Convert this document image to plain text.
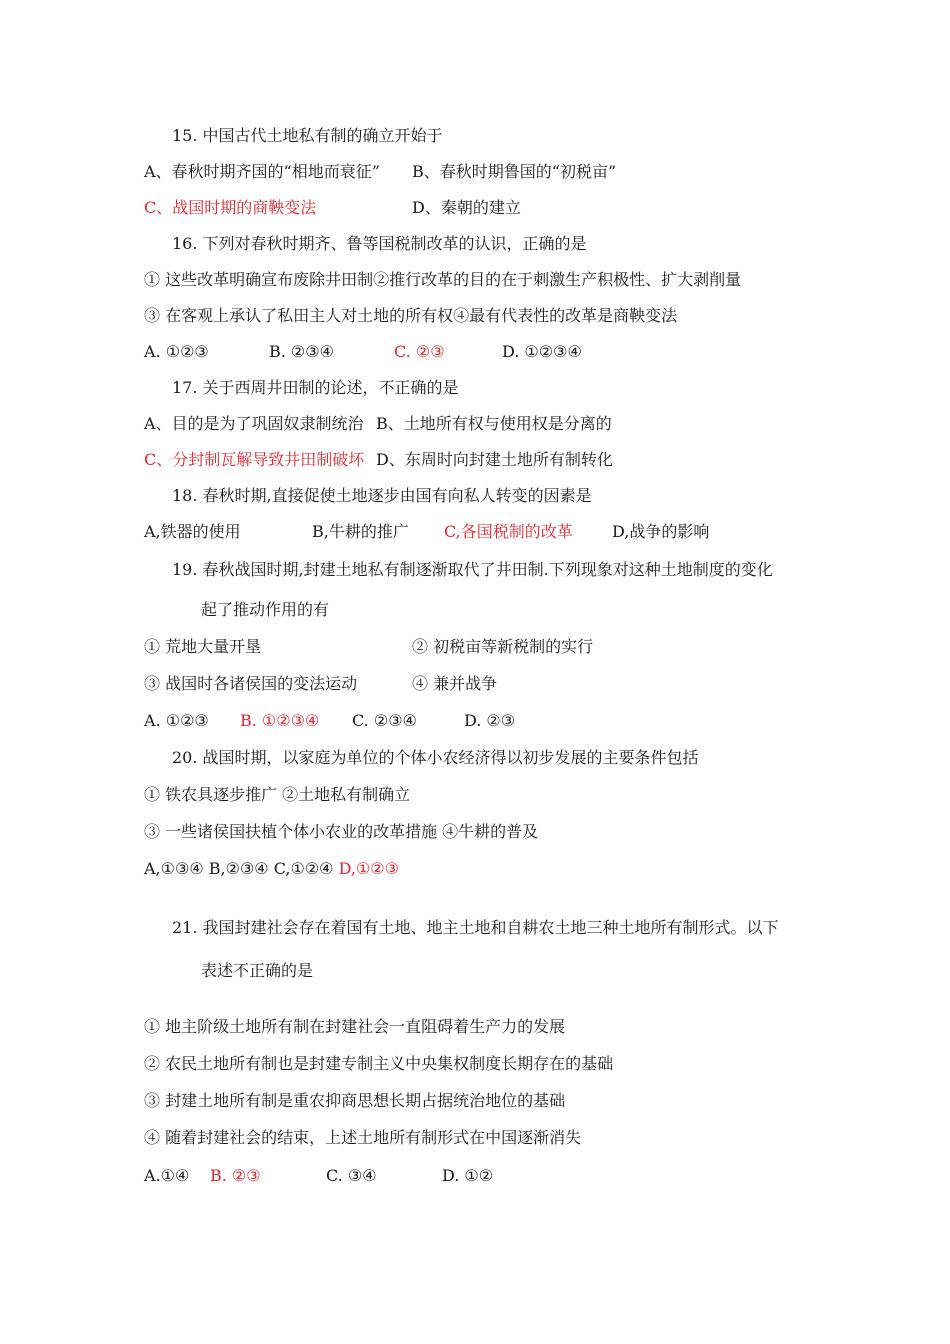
15. 中国古代土地私有制的确立开始于
A、春秋时期齐国的“相地而衰征” B、春秋时期鲁国的“初税亩”
C、战国时期的商鞅变法	D、秦朝的建立
16. 下列对春秋时期齐、鲁等国税制改革的认识，正确的是
① 这些改革明确宣布废除井田制②推行改革的目的在于刺激生产积极性、扩大剥削量
③ 在客观上承认了私田主人对土地的所有权④最有代表性的改革是商鞅变法
A. ①②③	B. ②③④	C. ②③	D. ①②③④
17. 关于西周井田制的论述，不正确的是
A、目的是为了巩固奴隶制统治 B、土地所有权与使用权是分离的
C、分封制瓦解导致井田制破坏 D、东周时向封建土地所有制转化
18. 春秋时期,直接促使土地逐步由国有向私人转变的因素是
A,铁器的使用	B,牛耕的推广 C,各国税制的改革 D,战争的影响
19. 春秋战国时期,封建土地私有制逐渐取代了井田制.下列现象对这种土地制度的变化
起了推动作用的有
① 荒地大量开垦	② 初税亩等新税制的实行
③ 战国时各诸侯国的变法运动	④ 兼并战争
A. ①②③ B. ①②③④ C. ②③④	D. ②③
20. 战国时期，以家庭为单位的个体小农经济得以初步发展的主要条件包括
① 铁农具逐步推广 ②土地私有制确立
③ 一些诸侯国扶植个体小农业的改革措施 ④牛耕的普及
A,①③④ B,②③④ C,①②④ D,①②③
21. 我国封建社会存在着国有土地、地主土地和自耕农土地三种土地所有制形式。以下
表述不正确的是
① 地主阶级土地所有制在封建社会一直阻碍着生产力的发展
② 农民土地所有制也是封建专制主义中央集权制度长期存在的基础
③ 封建土地所有制是重农抑商思想长期占据统治地位的基础
④ 随着封建社会的结束，上述土地所有制形式在中国逐渐消失
A.①④ B. ②③	C. ③④	D. ①②
